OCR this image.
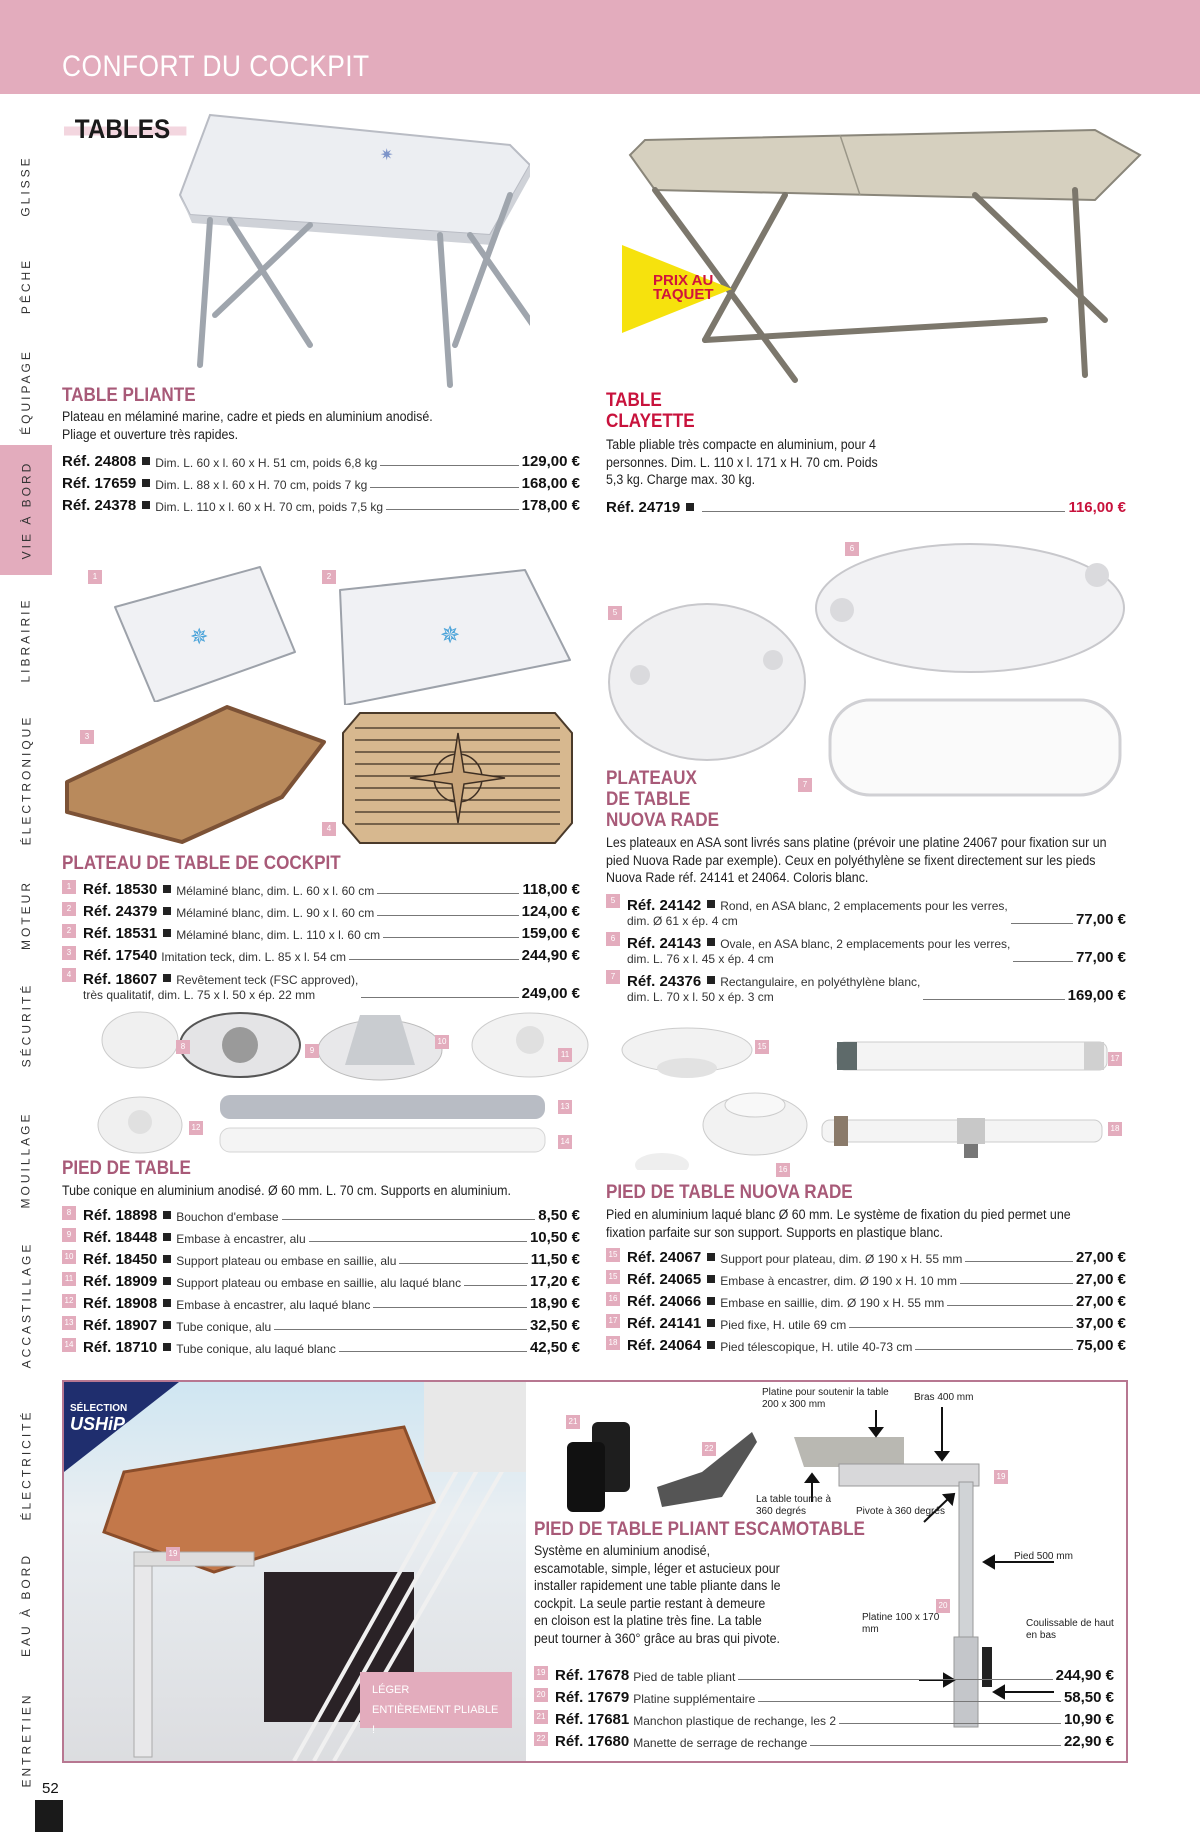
CONFORT DU COCKPIT
TABLES
GLISSE
PÊCHE
ÉQUIPAGE
VIE À BORD
LIBRAIRIE
ÉLECTRONIQUE
MOTEUR
SÉCURITÉ
MOUILLAGE
ACCASTILLAGE
ÉLECTRICITÉ
EAU À BORD
ENTRETIEN
52
✷
TABLE PLIANTE
Plateau en mélaminé marine, cadre et pieds en aluminium anodisé. Pliage et ouverture très rapides.
Réf. 24808 Dim. L. 60 x l. 60 x H. 51 cm, poids 6,8 kg	129,00 €
Réf. 17659 Dim. L. 88 x l. 60 x H. 70 cm, poids 7 kg	168,00 €
Réf. 24378 Dim. L. 110 x l. 60 x H. 70 cm, poids 7,5 kg	178,00 €
PRIX AU
TAQUET
TABLE
CLAYETTE
Table pliable très compacte en aluminium, pour 4 personnes. Dim. L. 110 x l. 171 x H. 70 cm. Poids 5,3 kg. Charge max. 30 kg.
Réf. 24719	116,00 €
1
✵
2
✵
3
4
PLATEAU DE TABLE DE COCKPIT
1 Réf. 18530 Mélaminé blanc, dim. L. 60 x l. 60 cm	118,00 €
2 Réf. 24379 Mélaminé blanc, dim. L. 90 x l. 60 cm	124,00 €
2 Réf. 18531 Mélaminé blanc, dim. L. 110 x l. 60 cm	159,00 €
3 Réf. 17540 Imitation teck, dim. L. 85 x l. 54 cm	244,90 €
4 Réf. 18607 Revêtement teck (FSC approved),
très qualitatif, dim. L. 75 x l. 50 x ép. 22 mm	249,00 €
5
6
7
PLATEAUX
DE TABLE
NUOVA RADE
Les plateaux en ASA sont livrés sans platine (prévoir une platine 24067 pour fixation sur un pied Nuova Rade par exemple). Ceux en polyéthylène se fixent directement sur les pieds Nuova Rade réf. 24141 et 24064. Coloris blanc.
5 Réf. 24142 Rond, en ASA blanc, 2 emplacements pour les verres,
dim. Ø 61 x ép. 4 cm	77,00 €
6 Réf. 24143 Ovale, en ASA blanc, 2 emplacements pour les verres,
dim. L. 76 x l. 45 x ép. 4 cm	77,00 €
7 Réf. 24376 Rectangulaire, en polyéthylène blanc,
dim. L. 70 x l. 50 x ép. 3 cm	169,00 €
8	9
10
11
12
13
14
PIED DE TABLE
Tube conique en aluminium anodisé. Ø 60 mm. L. 70 cm. Supports en aluminium.
8 Réf. 18898 Bouchon d'embase	8,50 €
9 Réf. 18448 Embase à encastrer, alu	10,50 €
10 Réf. 18450 Support plateau ou embase en saillie, alu	11,50 €
11 Réf. 18909 Support plateau ou embase en saillie, alu laqué blanc	17,20 €
12 Réf. 18908 Embase à encastrer, alu laqué blanc	18,90 €
13 Réf. 18907 Tube conique, alu	32,50 €
14 Réf. 18710 Tube conique, alu laqué blanc	42,50 €
15
16
17
18
PIED DE TABLE NUOVA RADE
Pied en aluminium laqué blanc Ø 60 mm. Le système de fixation du pied permet une fixation parfaite sur son support. Supports en plastique blanc.
15 Réf. 24067 Support pour plateau, dim. Ø 190 x H. 55 mm	27,00 €
15 Réf. 24065 Embase à encastrer, dim. Ø 190 x H. 10 mm	27,00 €
16 Réf. 24066 Embase en saillie, dim. Ø 190 x H. 55 mm	27,00 €
17 Réf. 24141 Pied fixe, H. utile 69 cm	37,00 €
18 Réf. 24064 Pied télescopique, H. utile 40-73 cm	75,00 €
SÉLECTION
USHiP
19
LÉGER
ENTIÈREMENT PLIABLE !
21
22
19
20
Platine pour soutenir la table 200 x 300 mm
Bras 400 mm
La table tourne à 360 degrés	Pivote à 360 degrés
Pied 500 mm
Platine 100 x 170 mm
Coulissable de haut en bas
PIED DE TABLE PLIANT ESCAMOTABLE
Système en aluminium anodisé, escamotable, simple, léger et astucieux pour installer rapidement une table pliante dans le cockpit. La seule partie restant à demeure en cloison est la platine très fine. La table peut tourner à 360° grâce au bras qui pivote.
19 Réf. 17678 Pied de table pliant	244,90 €
20 Réf. 17679 Platine supplémentaire	58,50 €
21 Réf. 17681 Manchon plastique de rechange, les 2	10,90 €
22 Réf. 17680 Manette de serrage de rechange	22,90 €
